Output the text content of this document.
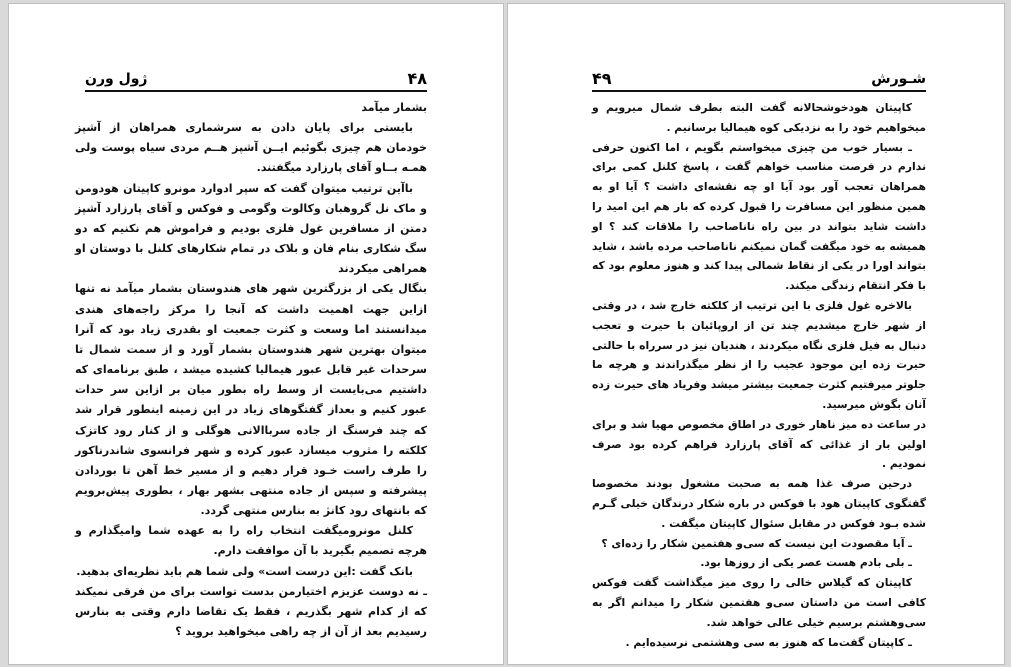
ژول ورن	۴۸

بشمار میآمد

بایستی برای پایان دادن به سرشماری همراهان از آشپز خودمان هم چیزی بگوئیم ایــن آشپز هــم مردی سیاه پوست ولی همـه بــاو آقای پارزارد میگفتند.

باآین ترتیب میتوان گفت که سپر ادوارد مونرو کاپیتان هودومن و ماک نل گروهبان وکالوت وگومی و فوکس و آقای پارزارد آشپز دمتن از مسافرین غول فلزی بودیم و فراموش هم نکنیم که دو سگ شکاری بنام فان و بلاک در تمام شکارهای کلنل با دوستان او همراهی میکردند

بنگال یکی از بزرگترین شهر های هندوستان بشمار میآمد نه تنها ازاین جهت اهمیت داشت که آنجا را مرکز راجه‌های هندی میدانستند اما وسعت و کثرت جمعیت او بقدری زیاد بود که آنرا میتوان بهترین شهر هندوستان بشمار آورد و از سمت شمال تا سرحدات غیر قابل عبور هیمالیا کشیده میشد ، طبق برنامه‌ای که داشتیم می‌بایست از وسط راه بطور میان بر ازاین سر حدات عبور کنیم و بعداز گفتگوهای زیاد در این زمینه اینطور قرار شد که چند فرسنگ از جاده سرباالانی هوگلی و از کنار رود کاتزک کلکته را مثروب میسازد عبور کرده و شهر فرانسوی شاندرناکور را طرف راست خـود قرار دهیم و از مسیر خط آهن تا بوردادن پیشرفته و سپس از جاده منتهی بشهر بهار ، بطوری پیش‌برویم که بانتهای رود کانژ به بنارس منتهی گردد.

کلنل مونرومیگفت انتخاب راه را به عهده شما وامیگذارم و هرچه تصمیم بگیرید با آن موافقت دارم.

بانک گفت :این درست است» ولی شما هم باید نظریه‌ای بدهید.

ـ نه دوست عزیزم اختیارمن بدست تواست برای من فرقی نمیکند که از کدام شهر بگذریم ، فقط یک تقاضا دارم وقتی به بنارس رسیدیم بعد از آن از چه راهی میخواهید بروید ؟

۴۹	شـورش

کاپیتان هودخوشحالانه گفت البته بطرف شمال میرویم و میخواهیم خود را به نزدیکی کوه هیمالیا برسانیم .

ـ بسیار خوب من چیزی میخواستم بگویم ، اما اکنون حرفی ندارم در فرصت مناسب خواهم گفت ، پاسخ کلنل کمی برای همراهان تعجب آور بود آیا او چه نقشه‌ای داشت ؟ آیا او به همین منظور این مسافرت را قبول کرده که بار هم این امید را داشت شاید بتواند در بین راه ناناصاحب را ملاقات کند ؟ او همیشه به خود میگفت گمان نمیکنم ناناصاحب مرده باشد ، شاید بتواند اورا در یکی از نقاط شمالی پیدا کند و هنوز معلوم بود که با فکر انتقام زندگی میکند.

بالاخره غول فلزی با این ترتیب از کلکته خارج شد ، در وقتی از شهر خارج میشدیم چند تن از اروپائیان با حیرت و تعجب دنبال به فیل فلزی نگاه میکردند ، هندیان نیز در سرراه با حالتی حیرت زده این موجود عجیب را از نظر میگذراندند و هرچه ما جلوتر میرفتیم کثرت جمعیت بیشتر میشد وفریاد های حیرت زده آنان بگوش میرسید.

در ساعت ده میز ناهار خوری در اطاق مخصوص مهیا شد و برای اولین بار از غذائی که آقای پارزارد فراهم کرده بود صرف نمودیم .

درحین صرف غذا همه به صحبت مشغول بودند مخصوصا گفتگوی کاپیتان هود با فوکس در باره شکار درندگان خیلی گـرم شده بـود فوکس در مقابل سئوال کاپیتان میگفت .

ـ آیا مقصودت این نیست که سی‌و هفتمین شکار را زده‌ای ؟

ـ بلی بادم هست عصر یکی از روزها بود.

کاپیتان که گیلاس خالی را روی میز میگذاشت گفت فوکس کافی است من داستان سی‌و هفتمین شکار را میدانم اگر به سی‌وهشتم برسیم خیلی عالی خواهد شد.

ـ کاپیتان گفت‌ما که هنوز به سی وهشتمی نرسیده‌ایم .
